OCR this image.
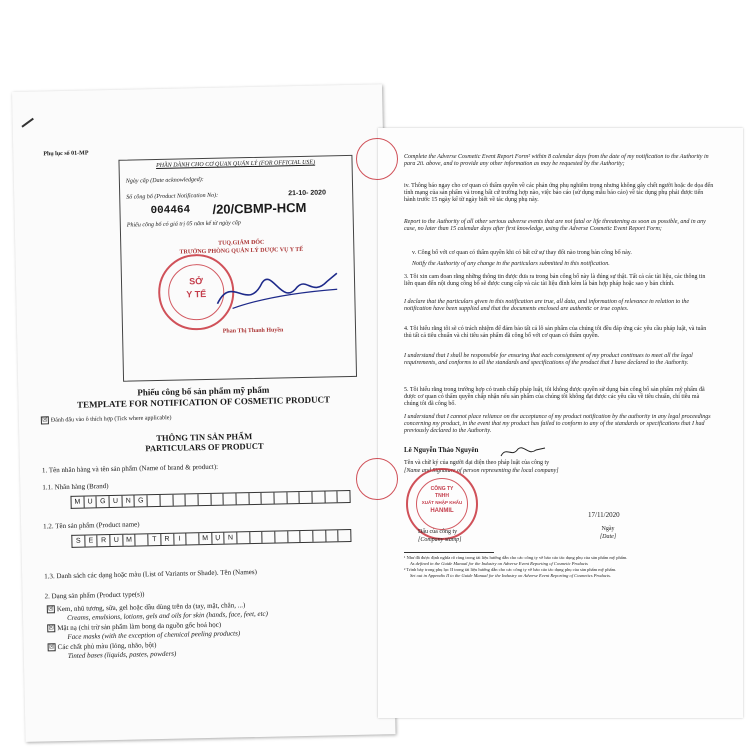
Phụ lục số 01-MP
PHẦN DÀNH CHO CƠ QUAN QUẢN LÝ (FOR OFFICIAL USE)
Ngày cấp (Date acknowledged):
Số công bố (Product Notification No):	21-10- 2020
004464 /20/CBMP-HCM
Phiếu công bố có giá trị 05 năm kể từ ngày cấp
TUQ.GIÁM ĐỐC
TRƯỞNG PHÒNG QUẢN LÝ DƯỢC VỤ Y TẾ
SỞ
Y TẾ
Phan Thị Thanh Huyền
Phiếu công bố sản phẩm mỹ phẩm
TEMPLATE FOR NOTIFICATION OF COSMETIC PRODUCT
☒ Đánh dấu vào ô thích hợp (Tick where applicable)
THÔNG TIN SẢN PHẨM
PARTICULARS OF PRODUCT
1. Tên nhãn hàng và tên sản phẩm (Name of brand & product):
1.1. Nhãn hàng (Brand)
M	U	G	U	N	G
1.2. Tên sản phẩm (Product name)
S	E	R	U	M	T	R	I	M	Ụ	N
1.3. Danh sách các dạng hoặc màu (List of Variants or Shade). Tên (Names)
2. Dạng sản phẩm (Product type(s))
☒ Kem, nhũ tương, sữa, gel hoặc dầu dùng trên da (tay, mặt, chân, ...)
Creams, emulsions, lotions, gels and oils for skin (hands, face, feet, etc)
☒ Mặt nạ (chỉ trừ sản phẩm làm bong da nguồn gốc hoá học)
Face masks (with the exception of chemical peeling products)
☒ Các chất phủ màu (lỏng, nhão, bột)
Tinted bases (liquids, pastes, powders)
Complete the Adverse Cosmetic Event Report Form² within 8 calendar days from the date of my notification to the Authority in para 2ii. above, and to provide any other information as may be requested by the Authority;
iv. Thông báo ngay cho cơ quan có thẩm quyền về các phản ứng phụ nghiêm trọng nhưng không gây chết người hoặc đe dọa đến tính mạng của sản phẩm và trong bất cứ trường hợp nào, việc báo cáo (sử dụng mẫu báo cáo) về tác dụng phụ phải được tiến hành trước 15 ngày kể từ ngày biết về tác dụng phụ này.
Report to the Authority of all other serious adverse events that are not fatal or life threatening as soon as possible, and in any case, no later than 15 calendar days after first knowledge, using the Adverse Cosmetic Event Report Form;
v. Công bố với cơ quan có thẩm quyền khi có bất cứ sự thay đổi nào trong bản công bố này.
Notify the Authority of any change in the particulars submitted in this notification.
3. Tôi xin cam đoan rằng những thông tin được đưa ra trong bản công bố này là đúng sự thật. Tất cả các tài liệu, các thông tin liên quan đến nội dung công bố sẽ được cung cấp và các tài liệu đính kèm là bản hợp pháp hoặc sao y bản chính.
I declare that the particulars given in this notification are true, all data, and information of relevance in relation to the notification have been supplied and that the documents enclosed are authentic or true copies.
4. Tôi hiểu rằng tôi sẽ có trách nhiệm để đảm bảo tất cả lô sản phẩm của chúng tôi đều đáp ứng các yêu cầu pháp luật, và tuân thủ tất cả tiêu chuẩn và chỉ tiêu sản phẩm đã công bố với cơ quan có thẩm quyền.
I understand that I shall be responsible for ensuring that each consignment of my product continues to meet all the legal requirements, and conforms to all the standards and specifications of the product that I have declared to the Authority.
5. Tôi hiểu rằng trong trường hợp có tranh chấp pháp luật, tôi không được quyền sử dụng bản công bố sản phẩm mỹ phẩm đã được cơ quan có thẩm quyền chấp nhận nếu sản phẩm của chúng tôi không đạt được các yêu cầu về tiêu chuẩn, chỉ tiêu mà chúng tôi đã công bố.
I understand that I cannot place reliance on the acceptance of my product notification by the authority in any legal proceedings concerning my product, in the event that my product has failed to conform to any of the standards or specifications that I had previously declared to the Authority.
Lê Nguyễn Thảo Nguyên
Tên và chữ ký của người đại diện theo pháp luật của công ty
[Name and Signature of person representing the local company]
CÔNG TY
TNHH
XUẤT NHẬP KHẨU
HANMIL	17/11/2020
Ngày
[Date]
Dấu của công ty
[Company stamp]
¹ Như đã được định nghĩa rõ ràng trong tài liệu hướng dẫn cho các công ty về báo cáo tác dụng phụ của sản phẩm mỹ phẩm.
As defined in the Guide Manual for the Industry on Adverse Event Reporting of Cosmetic Products
² Trình bày trong phụ lục II trong tài liệu hướng dẫn cho các công ty về báo cáo tác dụng phụ của sản phẩm mỹ phẩm.
Set out in Appendix II to the Guide Manual for the Industry on Adverse Event Reporting of Cosmetics Products.
